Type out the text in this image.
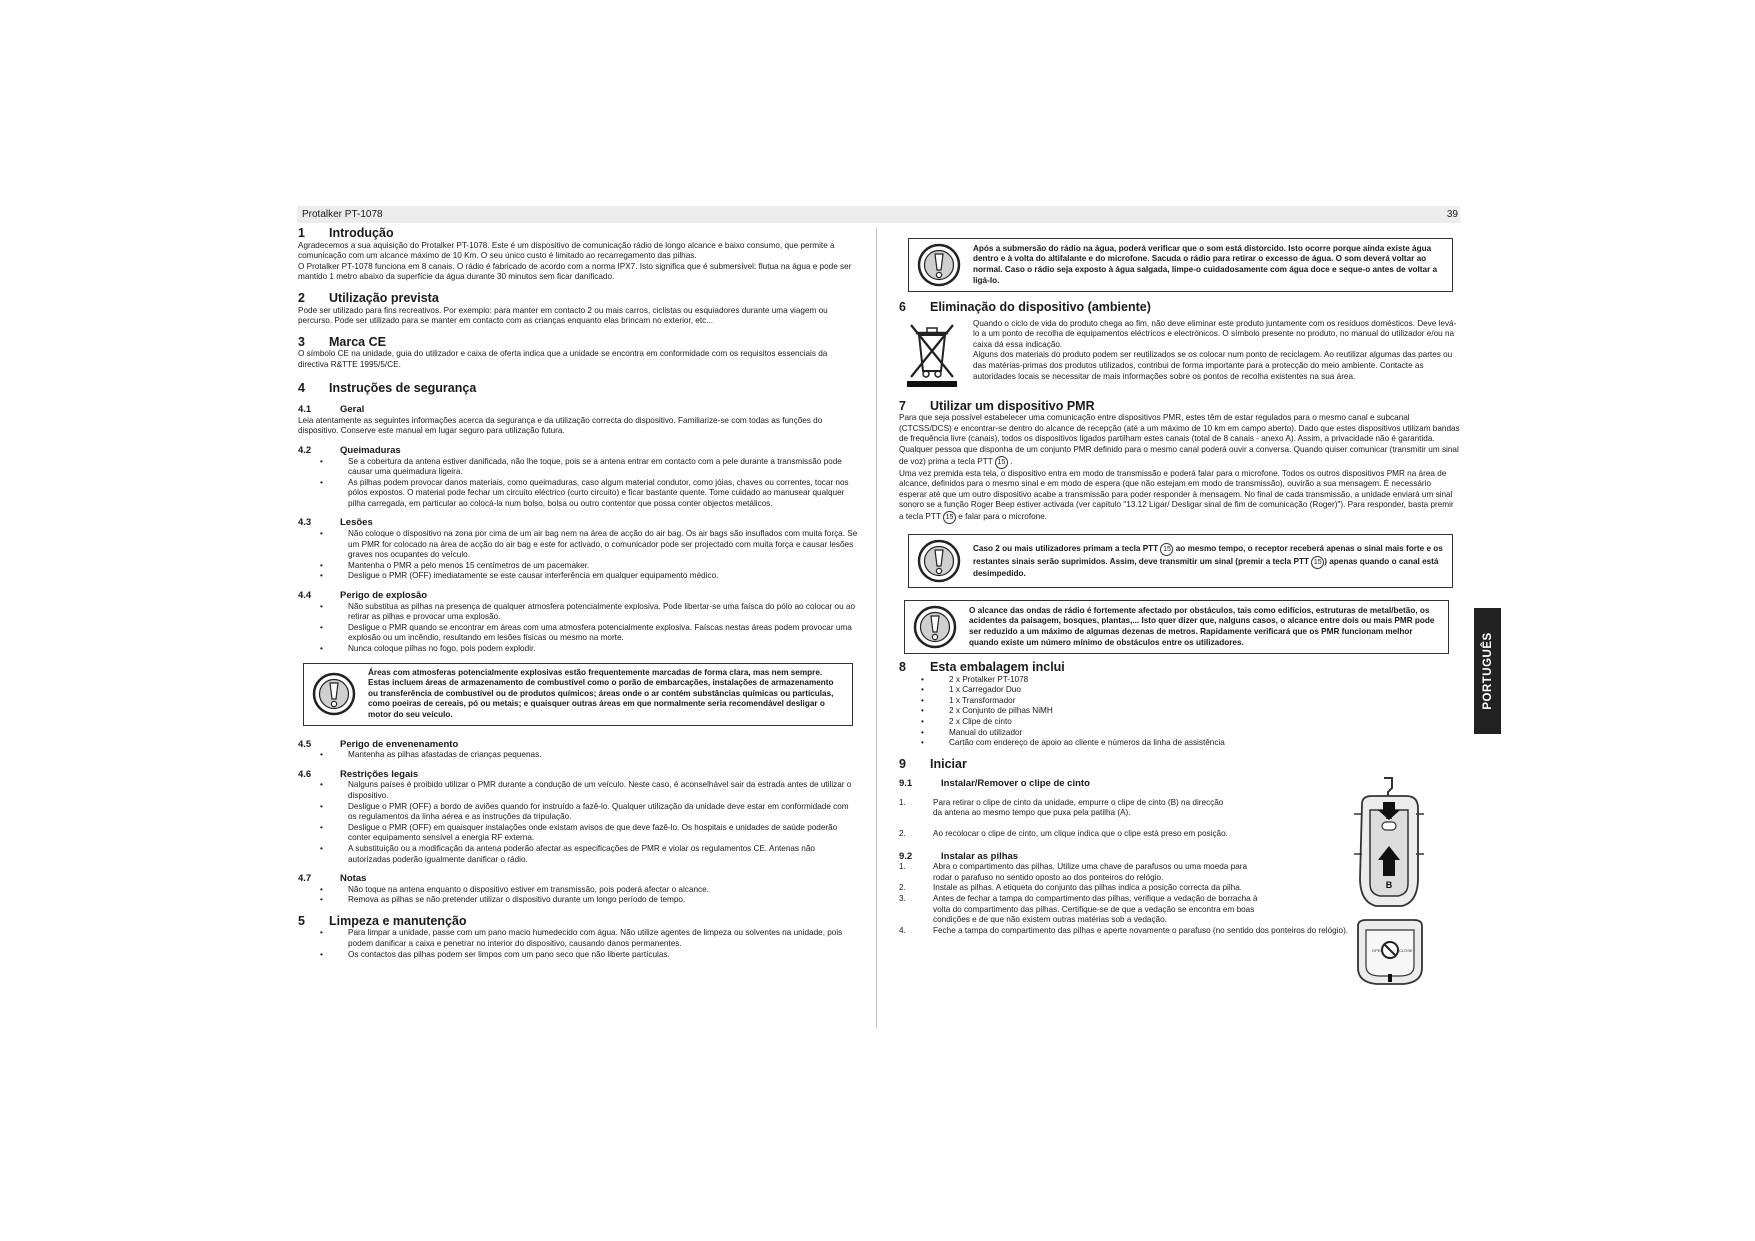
Protalker PT-1078	39
1	Introdução

Agradecemos a sua aquisição do Protalker PT-1078. Este é um dispositivo de comunicação rádio de longo alcance e baixo consumo, que permite a comunicação com um alcance máximo de 10 Km. O seu único custo é limitado ao recarregamento das pilhas.

O Protalker PT-1078 funciona em 8 canais. O rádio é fabricado de acordo com a norma IPX7. Isto significa que é submersível: flutua na água e pode ser mantido 1 metro abaixo da superfície da água durante 30 minutos sem ficar danificado.

2	Utilização prevista

Pode ser utilizado para fins recreativos. Por exemplo: para manter em contacto 2 ou mais carros, ciclistas ou esquiadores durante uma viagem ou percurso. Pode ser utilizado para se manter em contacto com as crianças enquanto elas brincam no exterior, etc...

3	Marca CE

O símbolo CE na unidade, guia do utilizador e caixa de oferta indica que a unidade se encontra em conformidade com os requisitos essenciais da directiva R&TTE 1995/5/CE.

4	Instruções de segurança
4.1	Geral

Leia atentamente as seguintes informações acerca da segurança e da utilização correcta do dispositivo. Familiarize-se com todas as funções do dispositivo. Conserve este manual em lugar seguro para utilização futura.

4.2	Queimaduras
• Se a cobertura da antena estiver danificada, não lhe toque, pois se a antena entrar em contacto com a pele durante a transmissão pode causar uma queimadura ligeira.
• As pilhas podem provocar danos materiais, como queimaduras, caso algum material condutor, como jóias, chaves ou correntes, tocar nos pólos expostos. O material pode fechar um circuito eléctrico (curto circuito) e ficar bastante quente. Tome cuidado ao manusear qualquer pilha carregada, em particular ao colocá-la num bolso, bolsa ou outro contentor que possa conter objectos metálicos.
4.3	Lesões
• Não coloque o dispositivo na zona por cima de um air bag nem na área de acção do air bag. Os air bags são insuflados com muita força. Se um PMR for colocado na área de acção do air bag e este for activado, o comunicador pode ser projectado com muita força e causar lesões graves nos ocupantes do veículo.
• Mantenha o PMR a pelo menos 15 centímetros de um pacemaker.
• Desligue o PMR (OFF) imediatamente se este causar interferência em qualquer equipamento médico.
4.4	Perigo de explosão
• Não substitua as pilhas na presença de qualquer atmosfera potencialmente explosiva. Pode libertar-se uma faísca do pólo ao colocar ou ao retirar as pilhas e provocar uma explosão.
• Desligue o PMR quando se encontrar em áreas com uma atmosfera potencialmente explosiva. Faíscas nestas áreas podem provocar uma explosão ou um incêndio, resultando em lesões físicas ou mesmo na morte.
• Nunca coloque pilhas no fogo, pois podem explodir.
Áreas com atmosferas potencialmente explosivas estão frequentemente marcadas de forma clara, mas nem sempre. Estas incluem áreas de armazenamento de combustível como o porão de embarcações, instalações de armazenamento ou transferência de combustível ou de produtos químicos; áreas onde o ar contém substâncias químicas ou partículas, como poeiras de cereais, pó ou metais; e quaisquer outras áreas em que normalmente seria recomendável desligar o motor do seu veículo.
4.5	Perigo de envenenamento
• Mantenha as pilhas afastadas de crianças pequenas.
4.6	Restrições legais
• Nalguns países é proibido utilizar o PMR durante a condução de um veículo. Neste caso, é aconselhável sair da estrada antes de utilizar o dispositivo.
• Desligue o PMR (OFF) a bordo de aviões quando for instruído a fazê-lo. Qualquer utilização da unidade deve estar em conformidade com os regulamentos da linha aérea e as instruções da tripulação.
• Desligue o PMR (OFF) em quaisquer instalações onde existam avisos de que deve fazê-lo. Os hospitais e unidades de saúde poderão conter equipamento sensível a energia RF externa.
• A substituição ou a modificação da antena poderão afectar as especificações de PMR e violar os regulamentos CE. Antenas não autorizadas poderão igualmente danificar o rádio.
4.7	Notas
• Não toque na antena enquanto o dispositivo estiver em transmissão, pois poderá afectar o alcance.
• Remova as pilhas se não pretender utilizar o dispositivo durante um longo período de tempo.
5	Limpeza e manutenção
• Para limpar a unidade, passe com um pano macio humedecido com água. Não utilize agentes de limpeza ou solventes na unidade, pois podem danificar a caixa e penetrar no interior do dispositivo, causando danos permanentes.
• Os contactos das pilhas podem ser limpos com um pano seco que não liberte partículas.
Após a submersão do rádio na água, poderá verificar que o som está distorcido. Isto ocorre porque ainda existe água dentro e à volta do altifalante e do microfone. Sacuda o rádio para retirar o excesso de água. O som deverá voltar ao normal. Caso o rádio seja exposto à água salgada, limpe-o cuidadosamente com água doce e seque-o antes de voltar a ligá-lo.
6	Eliminação do dispositivo (ambiente)

Quando o ciclo de vida do produto chega ao fim, não deve eliminar este produto juntamente com os resíduos domésticos. Deve levá-lo a um ponto de recolha de equipamentos eléctricos e electrónicos. O símbolo presente no produto, no manual do utilizador e/ou na caixa dá essa indicação.

Alguns dos materiais do produto podem ser reutilizados se os colocar num ponto de reciclagem. Ao reutilizar algumas das partes ou das matérias-primas dos produtos utilizados, contribui de forma importante para a protecção do meio ambiente. Contacte as autoridades locais se necessitar de mais informações sobre os pontos de recolha existentes na sua área.

7	Utilizar um dispositivo PMR

Para que seja possível estabelecer uma comunicação entre dispositivos PMR, estes têm de estar regulados para o mesmo canal e subcanal (CTCSS/DCS) e encontrar-se dentro do alcance de recepção (até a um máximo de 10 km em campo aberto). Dado que estes dispositivos utilizam bandas de frequência livre (canais), todos os dispositivos ligados partilham estes canais (total de 8 canais - anexo A). Assim, a privacidade não é garantida. Qualquer pessoa que disponha de um conjunto PMR definido para o mesmo canal poderá ouvir a conversa. Quando quiser comunicar (transmitir um sinal de voz) prima a tecla PTT 15 .

Uma vez premida esta tela, o dispositivo entra em modo de transmissão e poderá falar para o microfone. Todos os outros dispositivos PMR na área de alcance, definidos para o mesmo sinal e em modo de espera (que não estejam em modo de transmissão), ouvirão a sua mensagem. É necessário esperar até que um outro dispositivo acabe a transmissão para poder responder à mensagem. No final de cada transmissão, a unidade enviará um sinal sonoro se a função Roger Beep estiver activada (ver capítulo "13.12 Ligar/ Desligar sinal de fim de comunicação (Roger)"). Para responder, basta premir a tecla PTT 15 e falar para o microfone.

Caso 2 ou mais utilizadores primam a tecla PTT 15 ao mesmo tempo, o receptor receberá apenas o sinal mais forte e os restantes sinais serão suprimidos. Assim, deve transmitir um sinal (premir a tecla PTT 15 ) apenas quando o canal está desimpedido.
O alcance das ondas de rádio é fortemente afectado por obstáculos, tais como edifícios, estruturas de metal/betão, os acidentes da paisagem, bosques, plantas,... Isto quer dizer que, nalguns casos, o alcance entre dois ou mais PMR pode ser reduzido a um máximo de algumas dezenas de metros. Rapidamente verificará que os PMR funcionam melhor quando existe um número mínimo de obstáculos entre os utilizadores.
8	Esta embalagem inclui
• 2 x Protalker PT-1078
• 1 x Carregador Duo
• 1 x Transformador
• 2 x Conjunto de pilhas NiMH
• 2 x Clipe de cinto
• Manual do utilizador
• Cartão com endereço de apoio ao cliente e números da linha de assistência
9	Iniciar
9.1	Instalar/Remover o clipe de cinto
1.	Para retirar o clipe de cinto da unidade, empurre o clipe de cinto (B) na direcção da antena ao mesmo tempo que puxa pela patilha (A).
2.	Ao recolocar o clipe de cinto, um clique indica que o clipe está preso em posição.
9.2	Instalar as pilhas
1.	Abra o compartimento das pilhas. Utilize uma chave de parafusos ou uma moeda para rodar o parafuso no sentido oposto ao dos ponteiros do relógio.
2.	Instale as pilhas. A etiqueta do conjunto das pilhas indica a posição correcta da pilha.
3.	Antes de fechar a tampa do compartimento das pilhas, verifique a vedação de borracha à volta do compartimento das pilhas. Certifique-se de que a vedação se encontra em boas condições e de que não existem outras matérias sob a vedação.
4.	Feche a tampa do compartimento das pilhas e aperte novamente o parafuso (no sentido dos ponteiros do relógio).
A
B
OPEN	CLOSE
PORTUGUÊS
